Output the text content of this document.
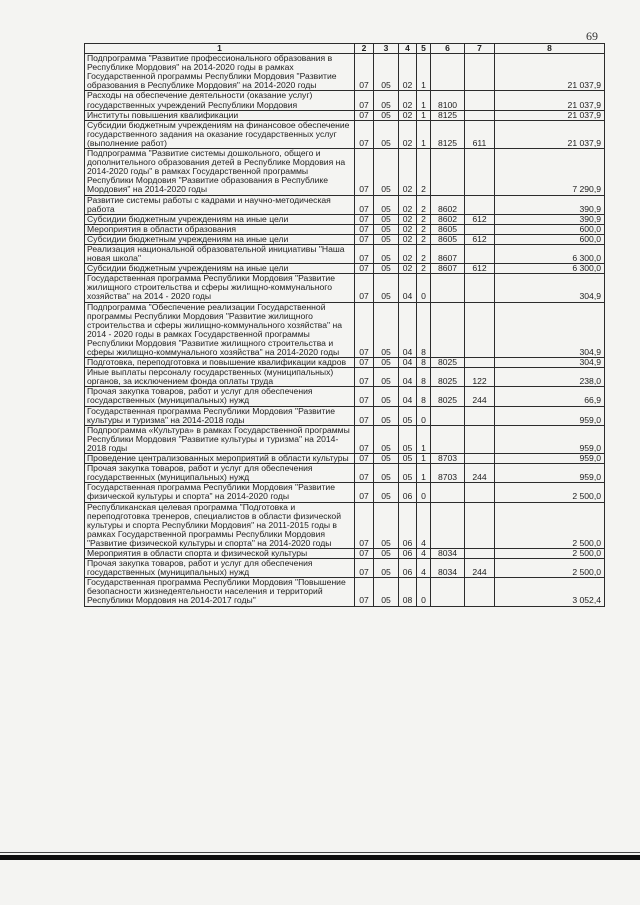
69
1	2	3	4	5	6	7	8
Подпрограмма "Развитие профессионального образования в Республике Мордовия" на 2014-2020 годы в рамках Государственной программы Республики Мордовия "Развитие образования в Республике Мордовия" на 2014-2020 годы	07	05	02	1			21 037,9
Расходы на обеспечение деятельности (оказание услуг) государственных учреждений Республики Мордовия	07	05	02	1	8100		21 037,9
Институты повышения квалификации	07	05	02	1	8125		21 037,9
Субсидии бюджетным учреждениям на финансовое обеспечение государственного задания на оказание государственных услуг (выполнение работ)	07	05	02	1	8125	611	21 037,9
Подпрограмма "Развитие системы дошкольного, общего и дополнительного образования детей в Республике Мордовия на 2014-2020 годы" в рамках Государственной программы Республики Мордовия "Развитие образования в Республике Мордовия" на 2014-2020 годы	07	05	02	2			7 290,9
Развитие системы работы с кадрами и научно-методическая работа	07	05	02	2	8602		390,9
Субсидии бюджетным учреждениям на иные цели	07	05	02	2	8602	612	390,9
Мероприятия в области образования	07	05	02	2	8605		600,0
Субсидии бюджетным учреждениям на иные цели	07	05	02	2	8605	612	600,0
Реализация национальной образовательной инициативы "Наша новая школа"	07	05	02	2	8607		6 300,0
Субсидии бюджетным учреждениям на иные цели	07	05	02	2	8607	612	6 300,0
Государственная программа Республики Мордовия "Развитие жилищного строительства и сферы жилищно-коммунального хозяйства" на 2014 - 2020 годы	07	05	04	0			304,9
Подпрограмма "Обеспечение реализации Государственной программы Республики Мордовия "Развитие жилищного строительства и сферы жилищно-коммунального хозяйства" на 2014 - 2020 годы в рамках Государственной программы Республики Мордовия "Развитие жилищного строительства и сферы жилищно-коммунального хозяйства" на 2014-2020 годы	07	05	04	8			304,9
Подготовка, переподготовка и повышение квалификации кадров	07	05	04	8	8025		304,9
Иные выплаты персоналу государственных (муниципальных) органов, за исключением фонда оплаты труда	07	05	04	8	8025	122	238,0
Прочая закупка товаров, работ и услуг для обеспечения государственных (муниципальных) нужд	07	05	04	8	8025	244	66,9
Государственная программа Республики Мордовия "Развитие культуры и туризма" на 2014-2018 годы	07	05	05	0			959,0
Подпрограмма «Культура» в рамках Государственной программы Республики Мордовия "Развитие культуры и туризма" на 2014-2018 годы	07	05	05	1			959,0
Проведение централизованных мероприятий в области культуры	07	05	05	1	8703		959,0
Прочая закупка товаров, работ и услуг для обеспечения государственных (муниципальных) нужд	07	05	05	1	8703	244	959,0
Государственная программа Республики Мордовия "Развитие физической культуры и спорта" на 2014-2020 годы	07	05	06	0			2 500,0
Республиканская целевая программа "Подготовка и переподготовка тренеров, специалистов в области физической культуры и спорта Республики Мордовия" на 2011-2015 годы в рамках Государственной программы Республики Мордовия "Развитие физической культуры и спорта" на 2014-2020 годы	07	05	06	4			2 500,0
Мероприятия в области спорта и физической культуры	07	05	06	4	8034		2 500,0
Прочая закупка товаров, работ и услуг для обеспечения государственных (муниципальных) нужд	07	05	06	4	8034	244	2 500,0
Государственная программа Республики Мордовия "Повышение безопасности жизнедеятельности населения и территорий Республики Мордовия на 2014-2017 годы"	07	05	08	0			3 052,4
